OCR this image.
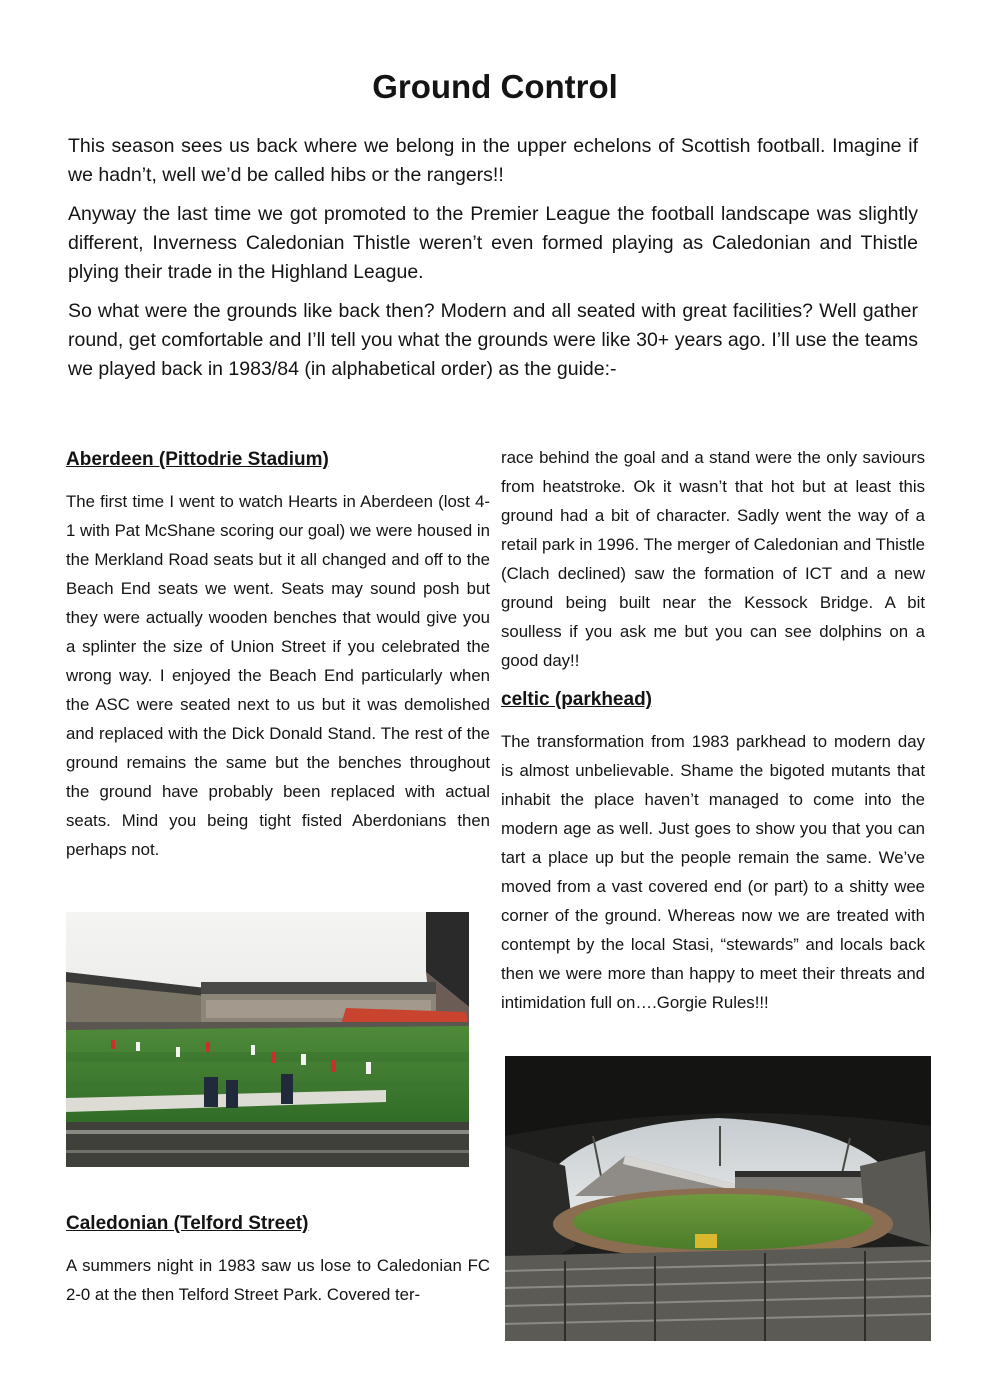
Ground Control

This season sees us back where we belong in the upper echelons of Scottish football. Imagine if we hadn’t, well we’d be called hibs or the rangers!!

Anyway the last time we got promoted to the Premier League the football landscape was slightly different, Inverness Caledonian Thistle weren’t even formed playing as Caledonian and Thistle plying their trade in the Highland League.

So what were the grounds like back then? Modern and all seated with great facilities? Well gather round, get comfortable and I’ll tell you what the grounds were like 30+ years ago. I’ll use the teams we played back in 1983/84 (in alphabetical order) as the guide:-

Aberdeen (Pittodrie Stadium)

The first time I went to watch Hearts in Aberdeen (lost 4-1 with Pat McShane scoring our goal) we were housed in the Merkland Road seats but it all changed and off to the Beach End seats we went. Seats may sound posh but they were actually wooden benches that would give you a splinter the size of Union Street if you celebrated the wrong way. I enjoyed the Beach End particularly when the ASC were seated next to us but it was demolished and replaced with the Dick Donald Stand. The rest of the ground remains the same but the benches throughout the ground have probably been replaced with actual seats. Mind you being tight fisted Aberdonians then perhaps not.

Caledonian (Telford Street)

A summers night in 1983 saw us lose to Caledonian FC 2-0 at the then Telford Street Park. Covered ter-

race behind the goal and a stand were the only saviours from heatstroke. Ok it wasn’t that hot but at least this ground had a bit of character. Sadly went the way of a retail park in 1996. The merger of Caledonian and Thistle (Clach declined) saw the formation of ICT and a new ground being built near the Kessock Bridge. A bit soulless if you ask me but you can see dolphins on a good day!!

celtic (parkhead)

The transformation from 1983 parkhead to modern day is almost unbelievable. Shame the bigoted mutants that inhabit the place haven’t managed to come into the modern age as well. Just goes to show you that you can tart a place up but the people remain the same. We’ve moved from a vast covered end (or part) to a shitty wee corner of the ground. Whereas now we are treated with contempt by the local Stasi, “stewards” and locals back then we were more than happy to meet their threats and intimidation full on….Gorgie Rules!!!
